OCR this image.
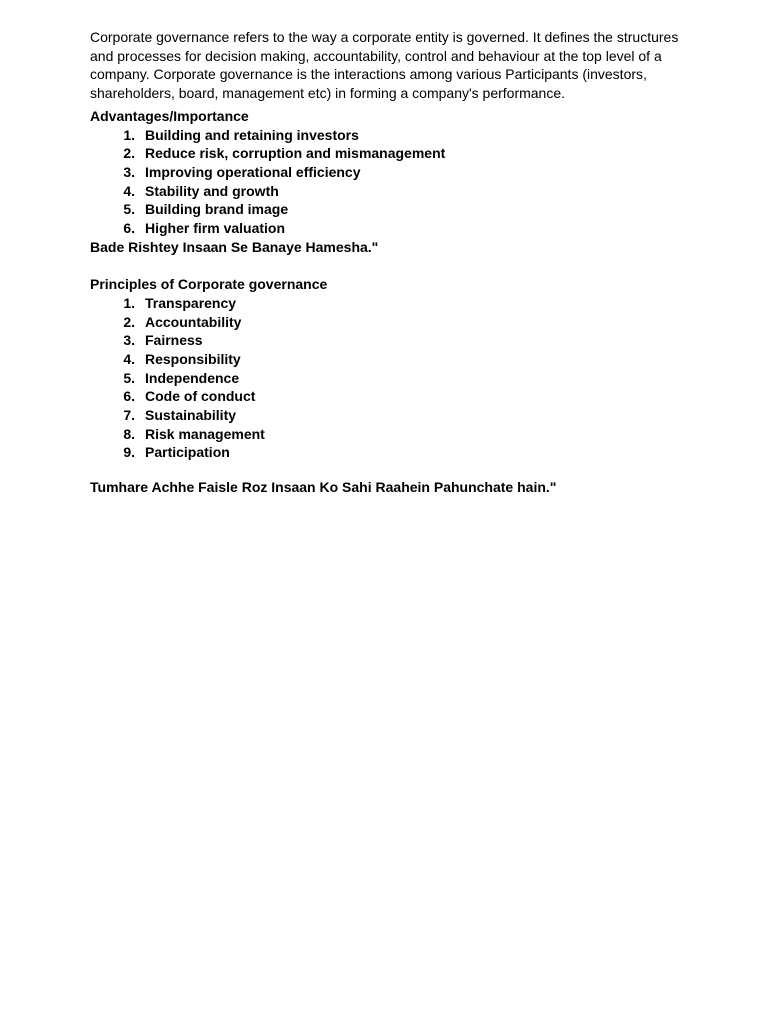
Corporate governance refers to the way a corporate entity is governed. It defines the structures and processes for decision making, accountability, control and behaviour at the top level of a company. Corporate governance is the interactions among various Participants (investors, shareholders, board, management etc) in forming a company's performance.

Advantages/Importance

1. Building and retaining investors
2. Reduce risk, corruption and mismanagement
3. Improving operational efficiency
4. Stability and growth
5. Building brand image
6. Higher firm valuation

Bade Rishtey Insaan Se Banaye Hamesha."

Principles of Corporate governance

1. Transparency
2. Accountability
3. Fairness
4. Responsibility
5. Independence
6. Code of conduct
7. Sustainability
8. Risk management
9. Participation

Tumhare Achhe Faisle Roz Insaan Ko Sahi Raahein Pahunchate hain."
